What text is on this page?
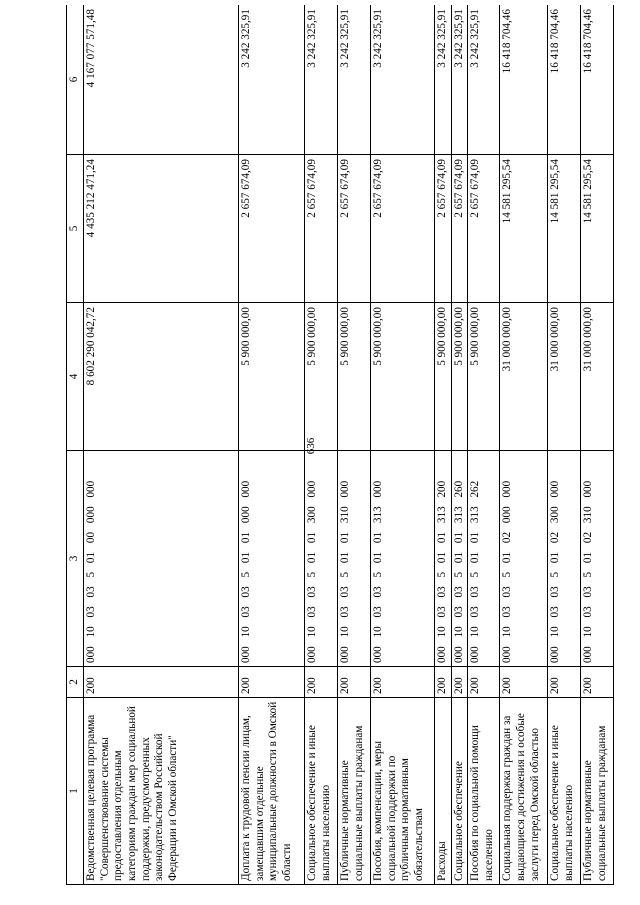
636
1	2	3	4	5	6
Ведомственная целевая программа "Совершенствование системы предоставления отдельным категориям граждан мер социальной поддержки, предусмотренных законодательством Российской Федерации и Омской области"	200	000 10 03 03 5 01 00 000 000	8 602 290 042,72	4 435 212 471,24	4 167 077 571,48
Доплата к трудовой пенсии лицам, замещавшим отдельные муниципальные должности в Омской области	200	000 10 03 03 5 01 01 000 000	5 900 000,00	2 657 674,09	3 242 325,91
Социальное обеспечение и иные выплаты населению	200	000 10 03 03 5 01 01 300 000	5 900 000,00	2 657 674,09	3 242 325,91
Публичные нормативные социальные выплаты гражданам	200	000 10 03 03 5 01 01 310 000	5 900 000,00	2 657 674,09	3 242 325,91
Пособия, компенсации, меры социальной поддержки по публичным нормативным обязательствам	200	000 10 03 03 5 01 01 313 000	5 900 000,00	2 657 674,09	3 242 325,91
Расходы	200	000 10 03 03 5 01 01 313 200	5 900 000,00	2 657 674,09	3 242 325,91
Социальное обеспечение	200	000 10 03 03 5 01 01 313 260	5 900 000,00	2 657 674,09	3 242 325,91
Пособия по социальной помощи населению	200	000 10 03 03 5 01 01 313 262	5 900 000,00	2 657 674,09	3 242 325,91
Социальная поддержка граждан за выдающиеся достижения и особые заслуги перед Омской областью	200	000 10 03 03 5 01 02 000 000	31 000 000,00	14 581 295,54	16 418 704,46
Социальное обеспечение и иные выплаты населению	200	000 10 03 03 5 01 02 300 000	31 000 000,00	14 581 295,54	16 418 704,46
Публичные нормативные социальные выплаты гражданам	200	000 10 03 03 5 01 02 310 000	31 000 000,00	14 581 295,54	16 418 704,46
